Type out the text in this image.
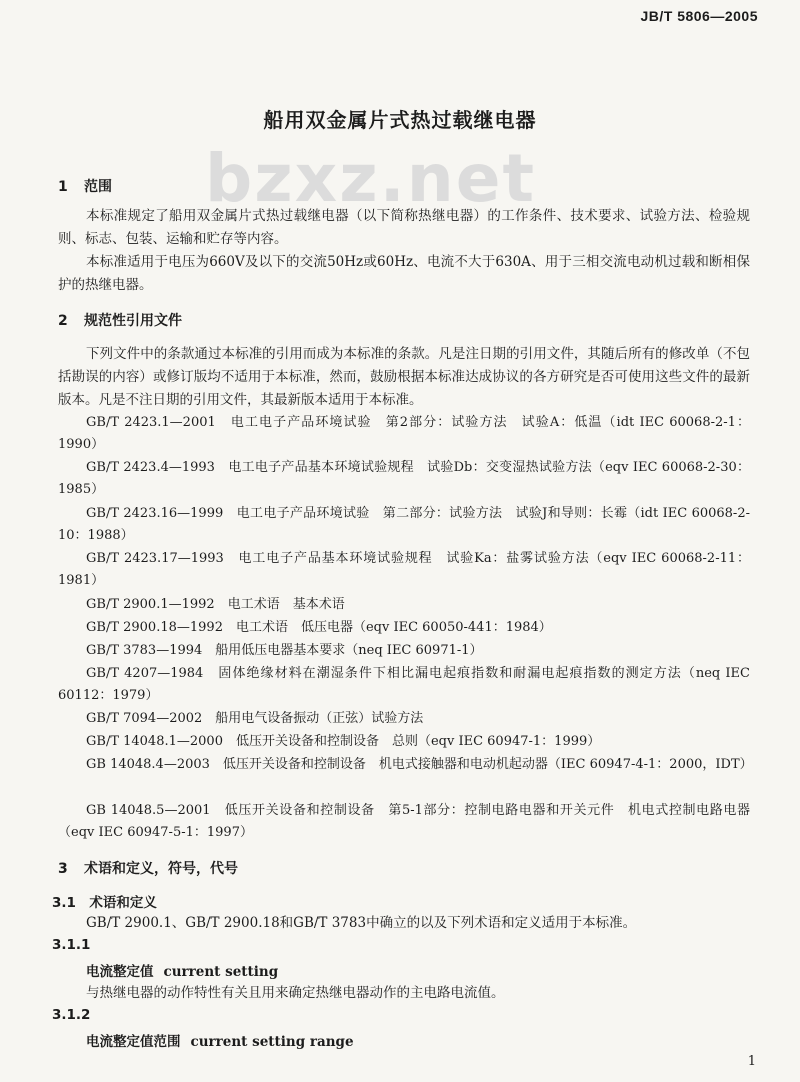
JB/T 5806—2005
bzxz.net
船用双金属片式热过载继电器
1 范围
本标准规定了船用双金属片式热过载继电器（以下简称热继电器）的工作条件、技术要求、试验方法、检验规则、标志、包装、运输和贮存等内容。
本标准适用于电压为660V及以下的交流50Hz或60Hz、电流不大于630A、用于三相交流电动机过载和断相保护的热继电器。
2 规范性引用文件
下列文件中的条款通过本标准的引用而成为本标准的条款。凡是注日期的引用文件，其随后所有的修改单（不包括勘误的内容）或修订版均不适用于本标准，然而，鼓励根据本标准达成协议的各方研究是否可使用这些文件的最新版本。凡是不注日期的引用文件，其最新版本适用于本标准。
GB/T 2423.1—2001　电工电子产品环境试验　第2部分：试验方法　试验A：低温（idt IEC 60068-2-1：1990）
GB/T 2423.4—1993　电工电子产品基本环境试验规程　试验Db：交变湿热试验方法（eqv IEC 60068-2-30：1985）
GB/T 2423.16—1999　电工电子产品环境试验　第二部分：试验方法　试验J和导则：长霉（idt IEC 60068-2-10：1988）
GB/T 2423.17—1993　电工电子产品基本环境试验规程　试验Ka：盐雾试验方法（eqv IEC 60068-2-11：1981）
GB/T 2900.1—1992　电工术语　基本术语
GB/T 2900.18—1992　电工术语　低压电器（eqv IEC 60050-441：1984）
GB/T 3783—1994　船用低压电器基本要求（neq IEC 60971-1）
GB/T 4207—1984　固体绝缘材料在潮湿条件下相比漏电起痕指数和耐漏电起痕指数的测定方法（neq IEC 60112：1979）
GB/T 7094—2002　船用电气设备振动（正弦）试验方法
GB/T 14048.1—2000　低压开关设备和控制设备　总则（eqv IEC 60947-1：1999）
GB 14048.4—2003　低压开关设备和控制设备　机电式接触器和电动机起动器（IEC 60947-4-1：2000，IDT）
GB 14048.5—2001　低压开关设备和控制设备　第5-1部分：控制电路电器和开关元件　机电式控制电路电器（eqv IEC 60947-5-1：1997）
3 术语和定义，符号，代号
3.1　 术语和定义
GB/T 2900.1、GB/T 2900.18和GB/T 3783中确立的以及下列术语和定义适用于本标准。
3.1.1
电流整定值 current setting
与热继电器的动作特性有关且用来确定热继电器动作的主电路电流值。
3.1.2
电流整定值范围 current setting range
1
